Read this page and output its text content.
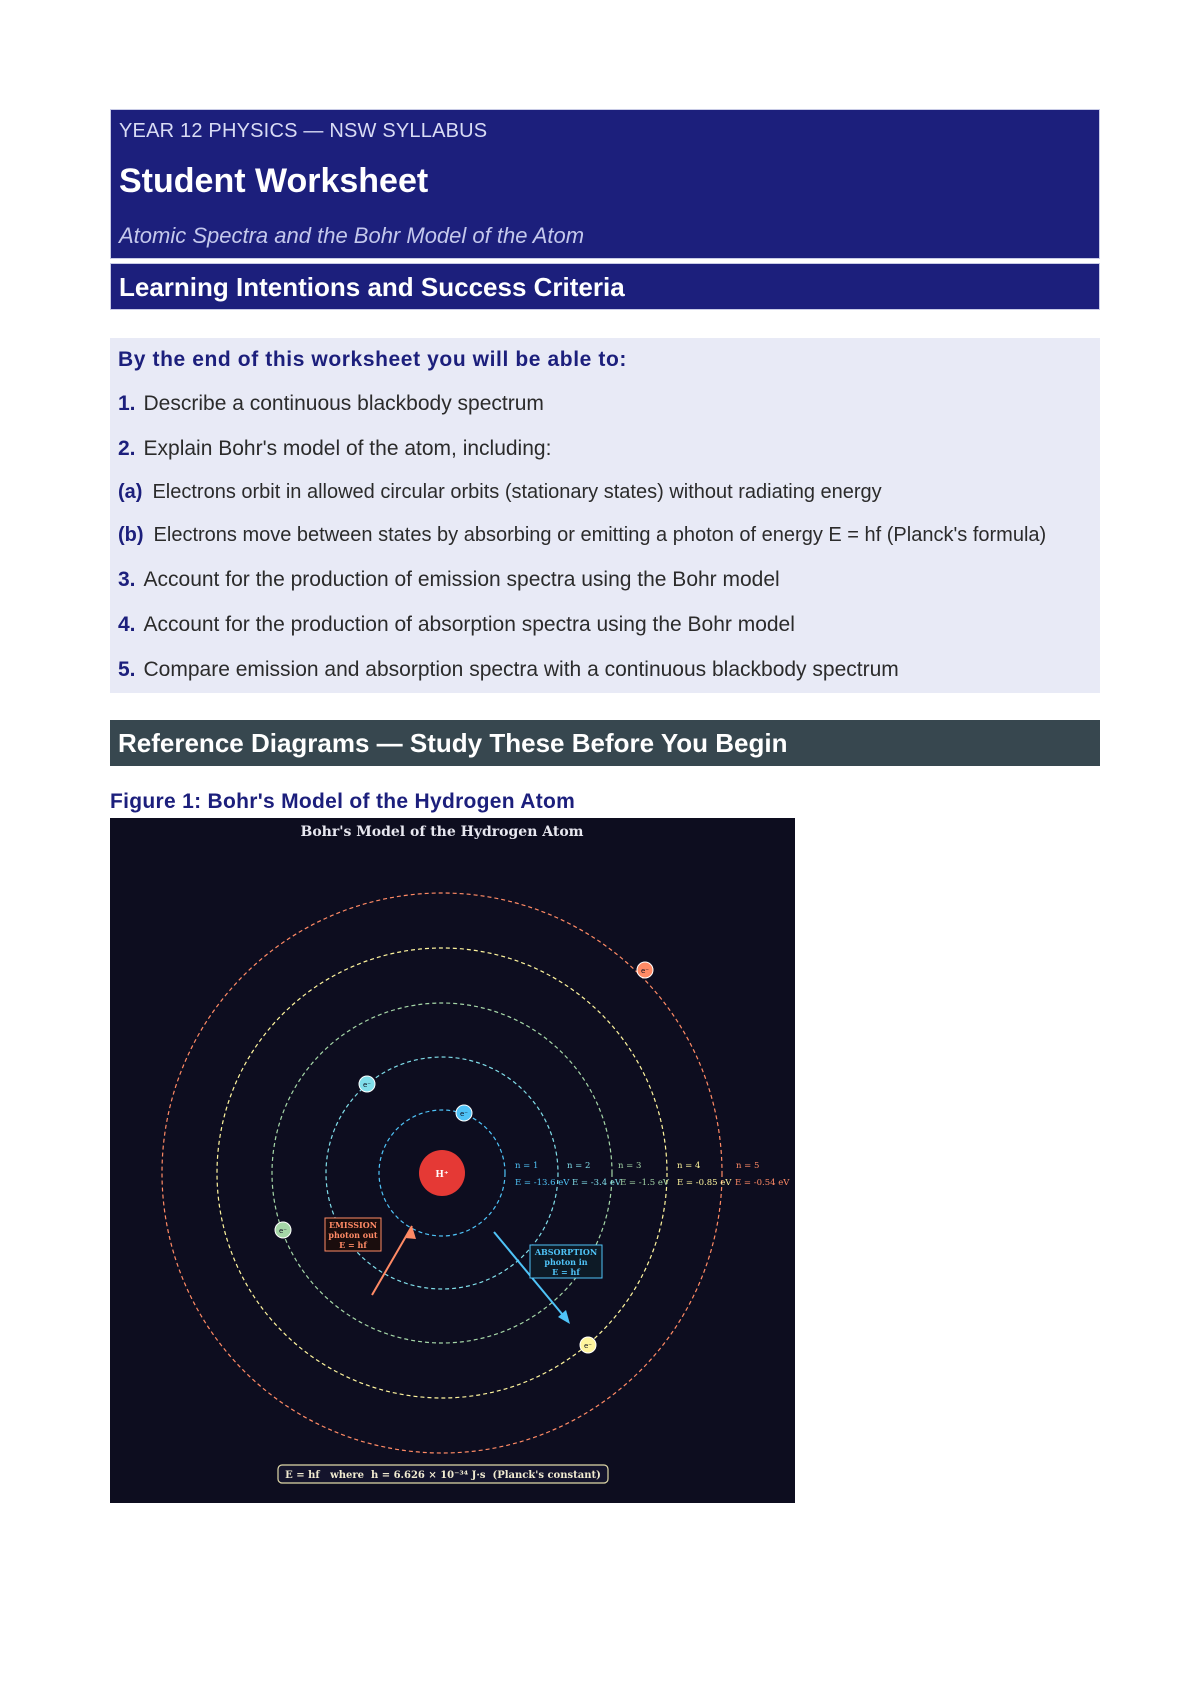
YEAR 12 PHYSICS — NSW SYLLABUS
Student Worksheet
Atomic Spectra and the Bohr Model of the Atom
Learning Intentions and Success Criteria
By the end of this worksheet you will be able to:
1. Describe a continuous blackbody spectrum
2. Explain Bohr's model of the atom, including:
(a) Electrons orbit in allowed circular orbits (stationary states) without radiating energy
(b) Electrons move between states by absorbing or emitting a photon of energy E = hf (Planck's formula)
3. Account for the production of emission spectra using the Bohr model
4. Account for the production of absorption spectra using the Bohr model
5. Compare emission and absorption spectra with a continuous blackbody spectrum
Reference Diagrams — Study These Before You Begin
Figure 1: Bohr's Model of the Hydrogen Atom
Bohr's Model of the Hydrogen Atom
H⁺
e⁻
e⁻
e⁻
e⁻
e⁻
n = 1
E = -13.6 eV
n = 2
E = -3.4 eV
n = 3
E = -1.5 eV
n = 4
E = -0.85 eV
n = 5
E = -0.54 eV
EMISSION
photon out
E = hf
ABSORPTION
photon in
E = hf
E = hf   where  h = 6.626 × 10⁻³⁴ J·s  (Planck's constant)
